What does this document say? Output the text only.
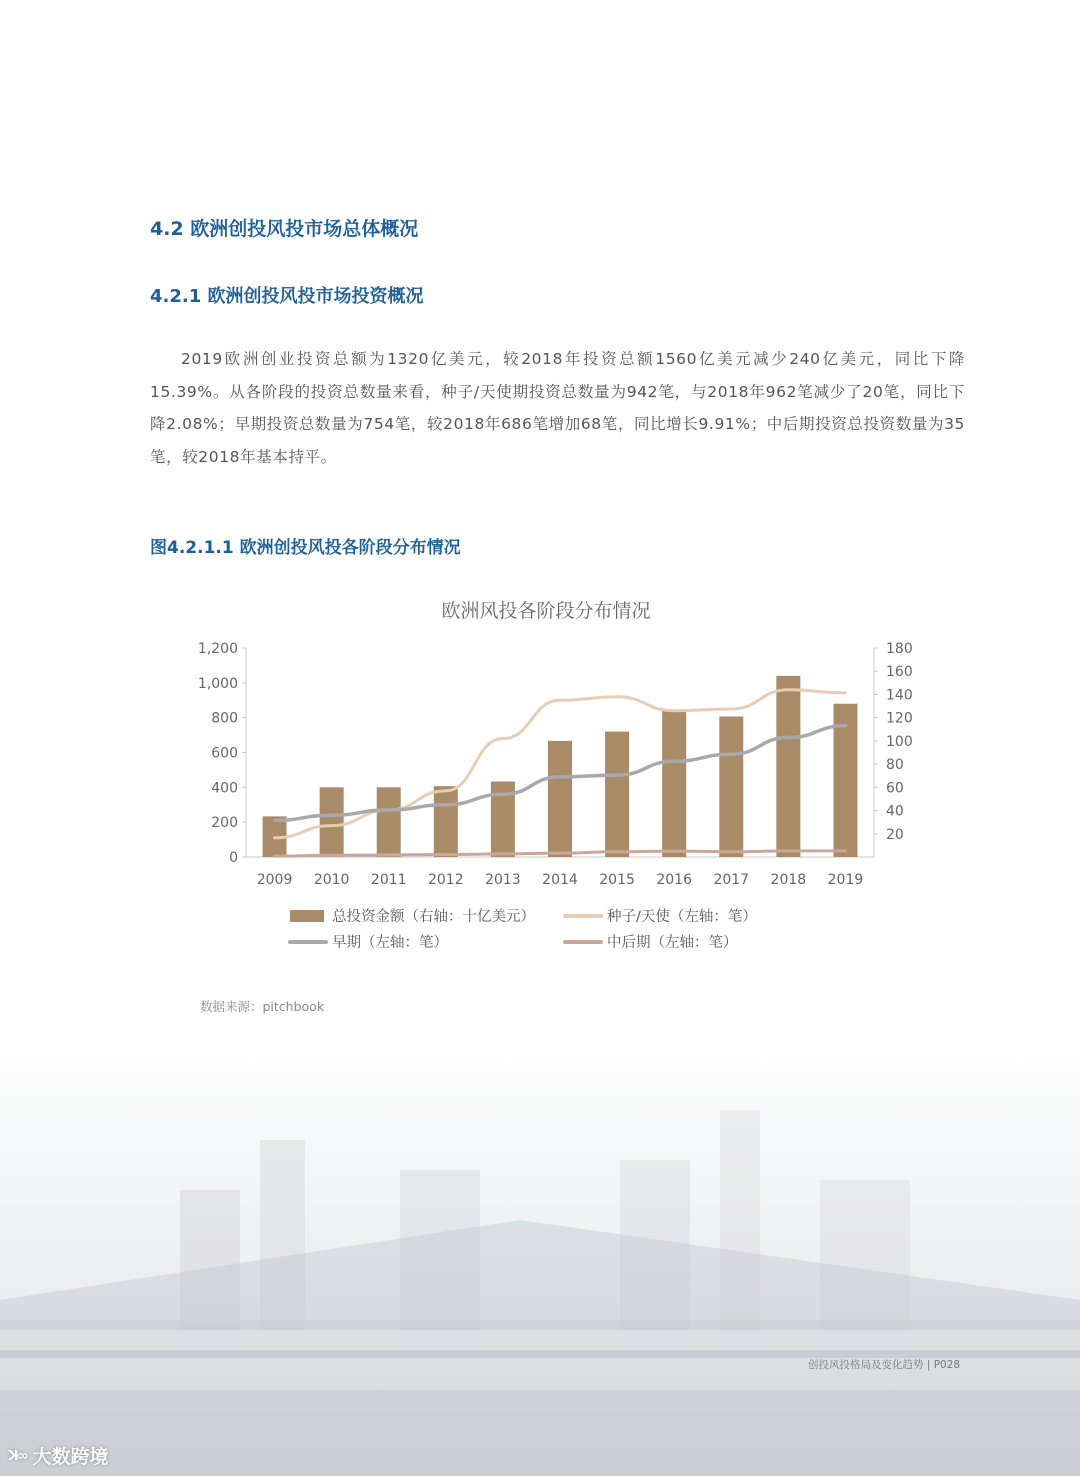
4.2 欧洲创投风投市场总体概况
4.2.1 欧洲创投风投市场投资概况
2019欧洲创业投资总额为1320亿美元，较2018年投资总额1560亿美元减少240亿美元，同比下降15.39%。从各阶段的投资总数量来看，种子/天使期投资总数量为942笔，与2018年962笔减少了20笔，同比下降2.08%；早期投资总数量为754笔，较2018年686笔增加68笔，同比增长9.91%；中后期投资总投资数量为35笔，较2018年基本持平。
图4.2.1.1 欧洲创投风投各阶段分布情况
欧洲风投各阶段分布情况
0
200
400
600
800
1,000
1,200
20
40
60
80
100
120
140
160
180
2009 2010 2011 2012 2013 2014 2015 2016 2017 2018 2019
总投资金额（右轴：十亿美元）	种子/天使（左轴：笔）
早期（左轴：笔）	中后期（左轴：笔）
数据来源：pitchbook
创投风投格局及变化趋势 | P028
ꓘ∞ 大数跨境
